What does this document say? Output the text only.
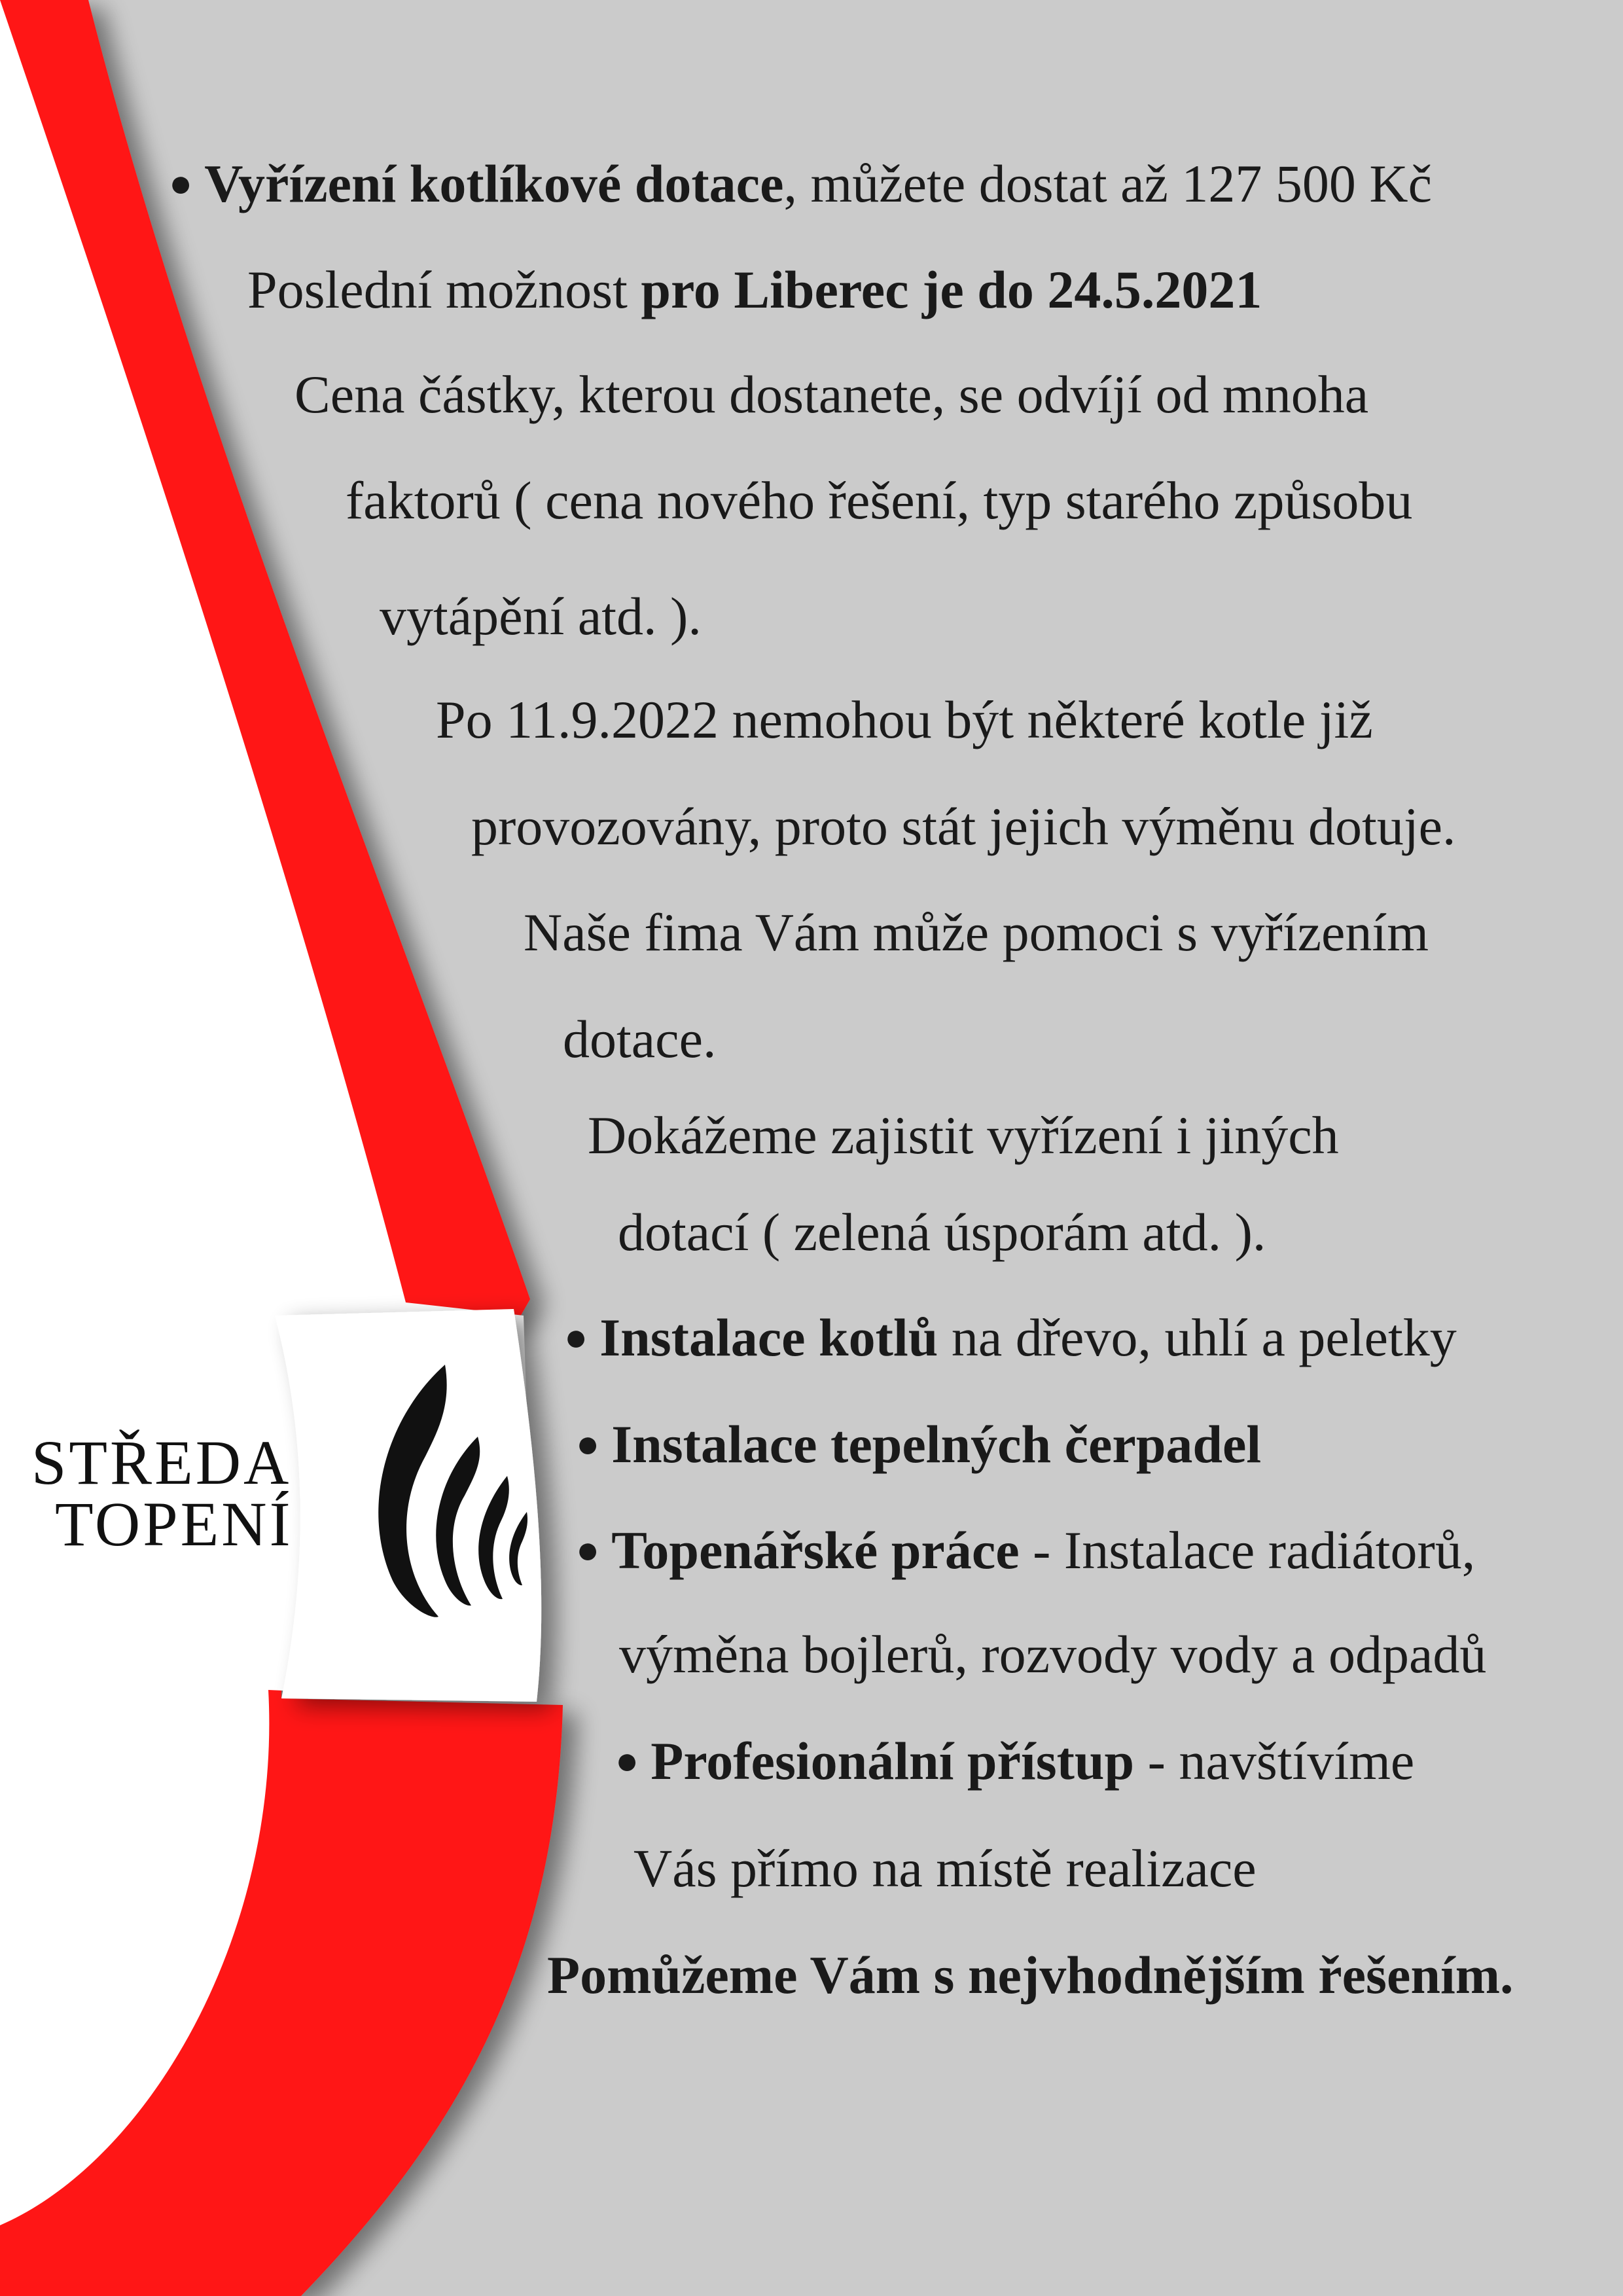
STŘEDA
TOPENÍ

● Vyřízení kotlíkové dotace, můžete dostat až 127 500 Kč

Poslední možnost pro Liberec je do 24.5.2021

Cena částky, kterou dostanete, se odvíjí od mnoha

faktorů ( cena nového řešení, typ starého způsobu

vytápění atd. ).

Po 11.9.2022 nemohou být některé kotle již

provozovány, proto stát jejich výměnu dotuje.

Naše fima Vám může pomoci s vyřízením

dotace.

Dokážeme zajistit vyřízení i jiných

dotací ( zelená úsporám atd. ).

● Instalace kotlů na dřevo, uhlí a peletky

● Instalace tepelných čerpadel

● Topenářské práce - Instalace radiátorů,

výměna bojlerů, rozvody vody a odpadů

● Profesionální přístup - navštívíme

Vás přímo na místě realizace

Pomůžeme Vám s nejvhodnějším řešením.
